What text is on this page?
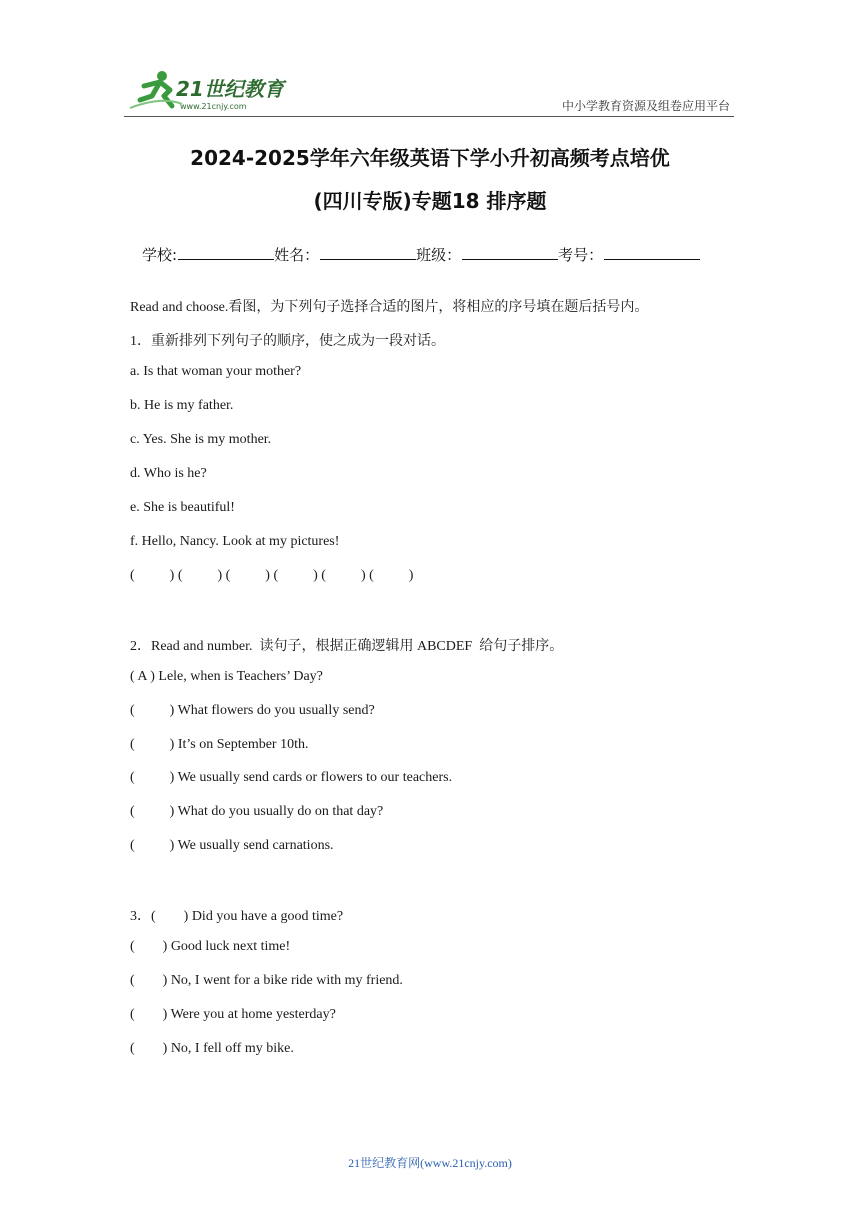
21世纪教育
www.21cnjy.com	中小学教育资源及组卷应用平台
2024-2025学年六年级英语下学小升初高频考点培优
(四川专版)专题18 排序题
学校:	姓名：	班级：	考号：
Read and choose.看图，为下列句子选择合适的图片，将相应的序号填在题后括号内。
1．重新排列下列句子的顺序，使之成为一段对话。
a. Is that woman your mother?
b. He is my father.
c. Yes. She is my mother.
d. Who is he?
e. She is beautiful!
f. Hello, Nancy. Look at my pictures!
(          ) (          ) (          ) (          ) (          ) (          )
2．Read and number.  读句子，根据正确逻辑用 ABCDEF  给句子排序。
( A ) Lele, when is Teachers’ Day?
(          ) What flowers do you usually send?
(          ) It’s on September 10th.
(          ) We usually send cards or flowers to our teachers.
(          ) What do you usually do on that day?
(          ) We usually send carnations.
3．(        ) Did you have a good time?
(        ) Good luck next time!
(        ) No, I went for a bike ride with my friend.
(        ) Were you at home yesterday?
(        ) No, I fell off my bike.
21世纪教育网(www.21cnjy.com)
